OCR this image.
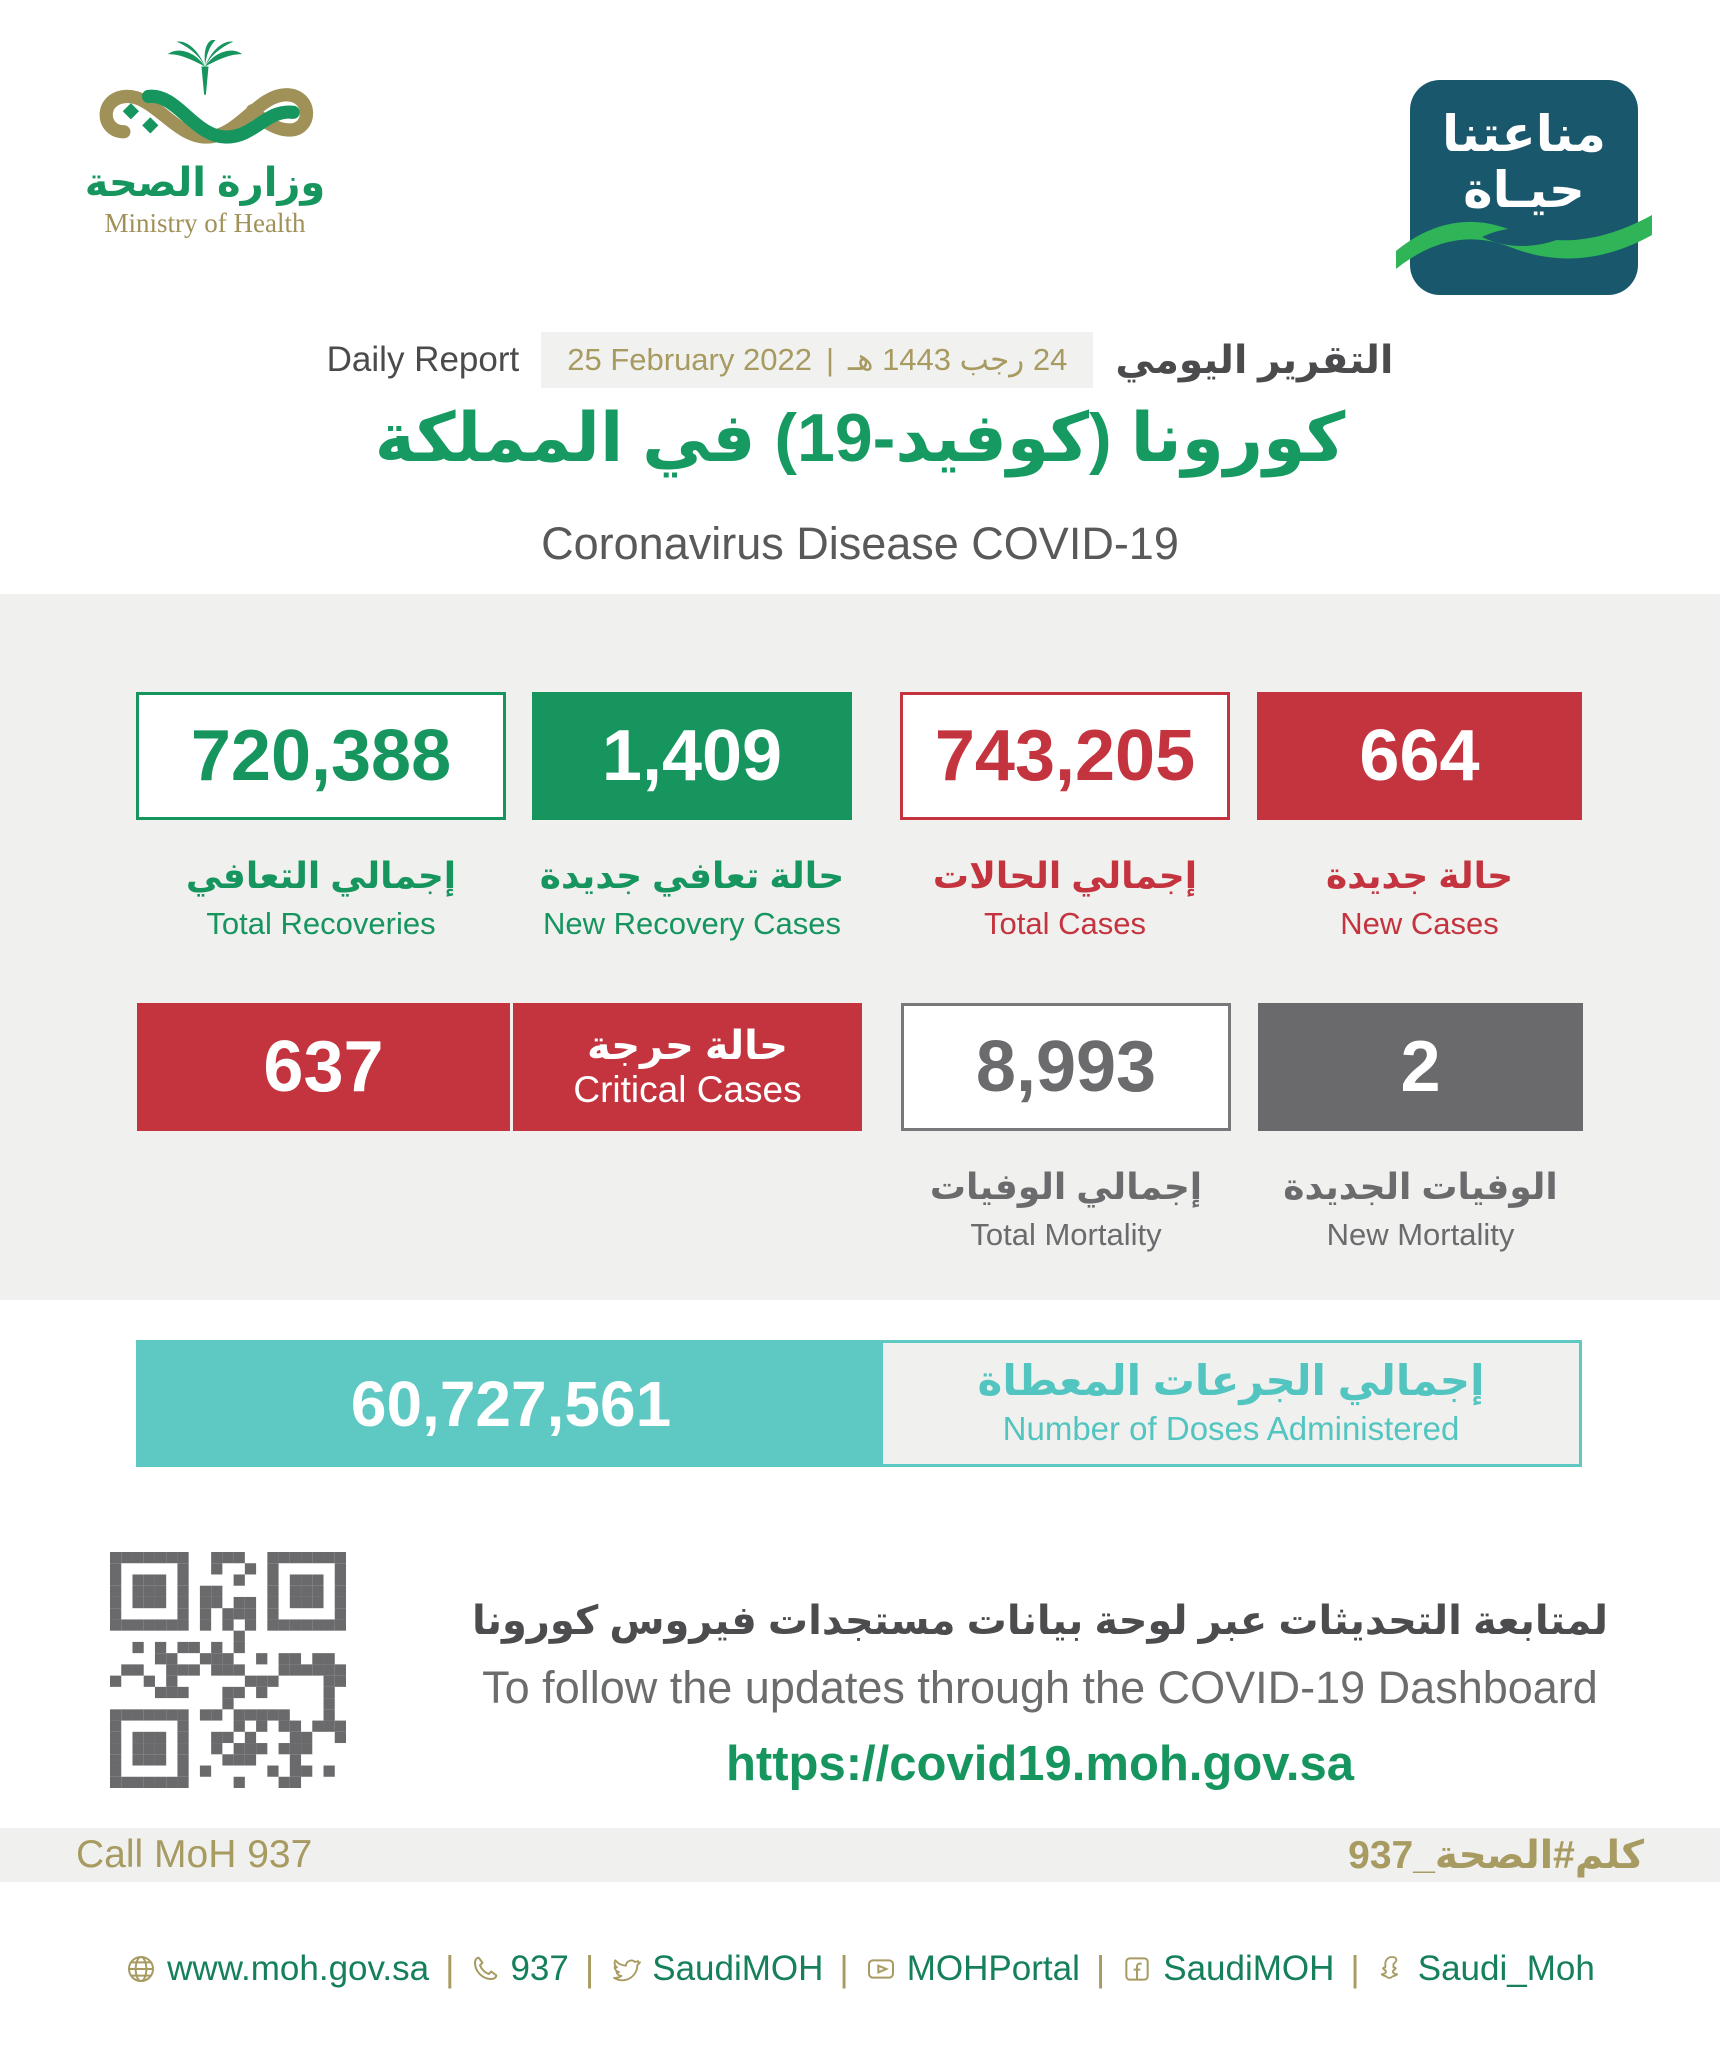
وزارة الصحة
Ministry of Health
مناعتنا
حيـاة
Daily Report 25 February 2022 | 24 رجب 1443 هـ التقرير اليومي
كورونا (كوفيد-19) في المملكة
Coronavirus Disease COVID-19
720,388
إجمالي التعافي
Total Recoveries
1,409
حالة تعافي جديدة
New Recovery Cases
743,205
إجمالي الحالات
Total Cases
664
حالة جديدة
New Cases
637	حالة حرجة
Critical Cases 8,993
إجمالي الوفيات
Total Mortality
2
الوفيات الجديدة
New Mortality
60,727,561	إجمالي الجرعات المعطاة
Number of Doses Administered
لمتابعة التحديثات عبر لوحة بيانات مستجدات فيروس كورونا
To follow the updates through the COVID-19 Dashboard
https://covid19.moh.gov.sa
Call MoH 937	كلم#الصحة_937
www.moh.gov.sa | 937 | SaudiMOH | MOHPortal | SaudiMOH | Saudi_Moh
